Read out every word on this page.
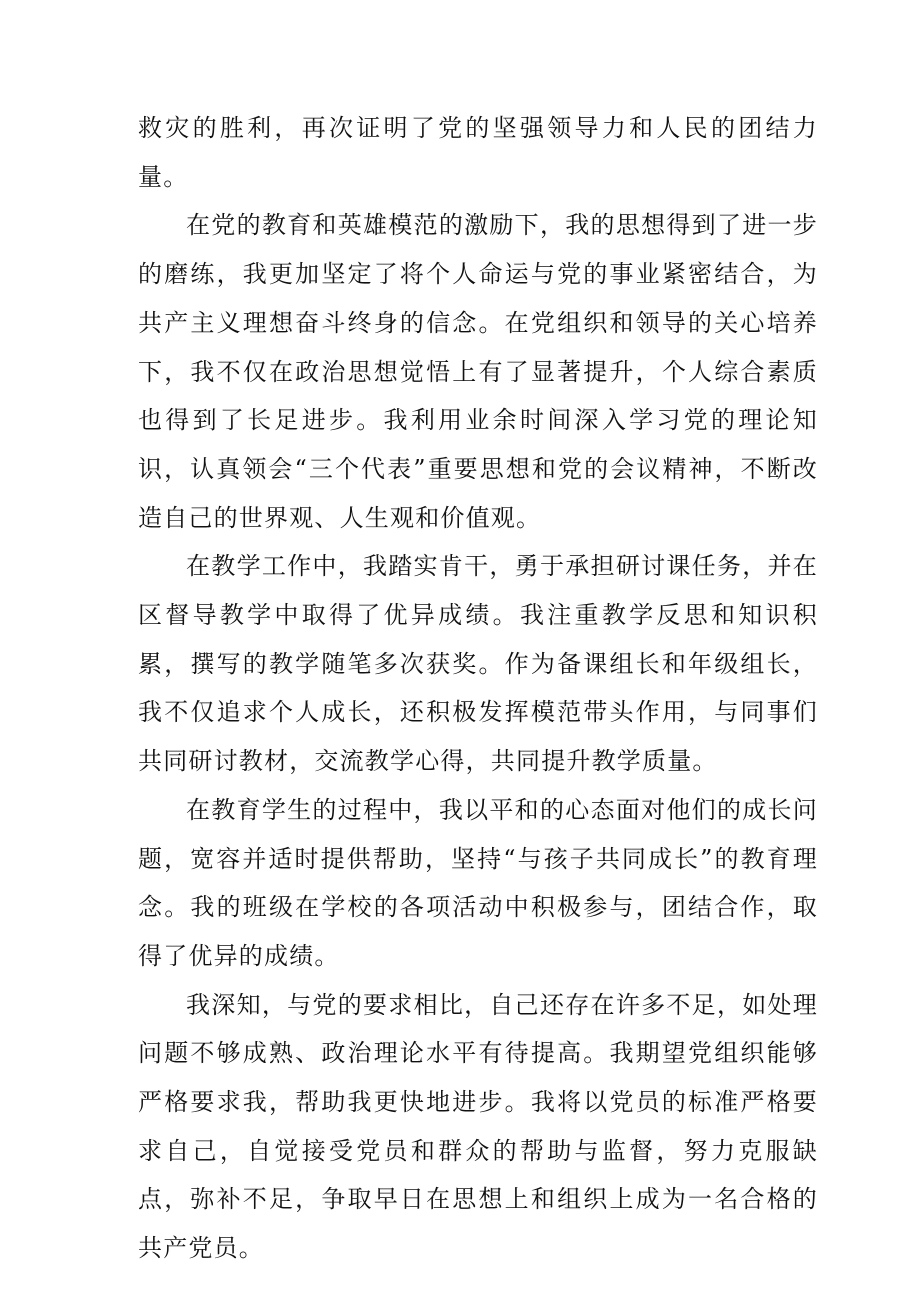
救灾的胜利，再次证明了党的坚强领导力和人民的团结力量。

在党的教育和英雄模范的激励下，我的思想得到了进一步的磨练，我更加坚定了将个人命运与党的事业紧密结合，为共产主义理想奋斗终身的信念。在党组织和领导的关心培养下，我不仅在政治思想觉悟上有了显著提升，个人综合素质也得到了长足进步。我利用业余时间深入学习党的理论知识，认真领会“三个代表”重要思想和党的会议精神，不断改造自己的世界观、人生观和价值观。

在教学工作中，我踏实肯干，勇于承担研讨课任务，并在区督导教学中取得了优异成绩。我注重教学反思和知识积累，撰写的教学随笔多次获奖。作为备课组长和年级组长，我不仅追求个人成长，还积极发挥模范带头作用，与同事们共同研讨教材，交流教学心得，共同提升教学质量。

在教育学生的过程中，我以平和的心态面对他们的成长问题，宽容并适时提供帮助，坚持“与孩子共同成长”的教育理念。我的班级在学校的各项活动中积极参与，团结合作，取得了优异的成绩。

我深知，与党的要求相比，自己还存在许多不足，如处理问题不够成熟、政治理论水平有待提高。我期望党组织能够严格要求我，帮助我更快地进步。我将以党员的标准严格要求自己，自觉接受党员和群众的帮助与监督，努力克服缺点，弥补不足，争取早日在思想上和组织上成为一名合格的共产党员。
